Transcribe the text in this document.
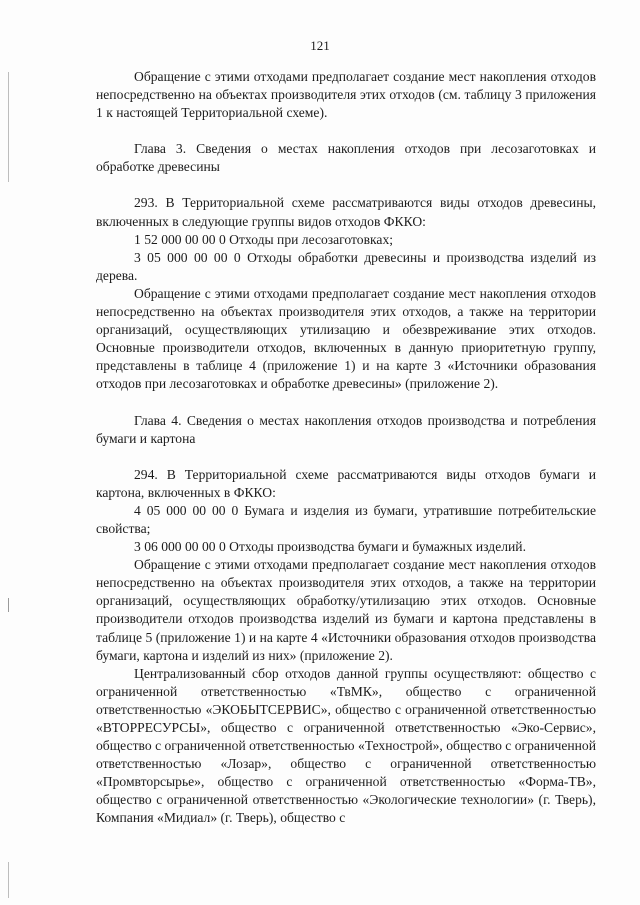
121

Обращение с этими отходами предполагает создание мест накопления отходов непосредственно на объектах производителя этих отходов (см. таблицу 3 приложения 1 к настоящей Территориальной схеме).

Глава 3. Сведения о местах накопления отходов при лесозаготовках и обработке древесины

293. В Территориальной схеме рассматриваются виды отходов древесины, включенных в следующие группы видов отходов ФККО:

1 52 000 00 00 0 Отходы при лесозаготовках;

3 05 000 00 00 0 Отходы обработки древесины и производства изделий из дерева.

Обращение с этими отходами предполагает создание мест накопления отходов непосредственно на объектах производителя этих отходов, а также на территории организаций, осуществляющих утилизацию и обезвреживание этих отходов. Основные производители отходов, включенных в данную приоритетную группу, представлены в таблице 4 (приложение 1) и на карте 3 «Источники образования отходов при лесозаготовках и обработке древесины» (приложение 2).

Глава 4. Сведения о местах накопления отходов производства и потребления бумаги и картона

294. В Территориальной схеме рассматриваются виды отходов бумаги и картона, включенных в ФККО:

4 05 000 00 00 0 Бумага и изделия из бумаги, утратившие потребительские свойства;

3 06 000 00 00 0 Отходы производства бумаги и бумажных изделий.

Обращение с этими отходами предполагает создание мест накопления отходов непосредственно на объектах производителя этих отходов, а также на территории организаций, осуществляющих обработку/утилизацию этих отходов. Основные производители отходов производства изделий из бумаги и картона представлены в таблице 5 (приложение 1) и на карте 4 «Источники образования отходов производства бумаги, картона и изделий из них» (приложение 2).

Централизованный сбор отходов данной группы осуществляют: общество с ограниченной ответственностью «ТвМК», общество с ограниченной ответственностью «ЭКОБЫТСЕРВИС», общество с ограниченной ответственностью «ВТОРРЕСУРСЫ», общество с ограниченной ответственностью «Эко-Сервис», общество с ограниченной ответственностью «Технострой», общество с ограниченной ответственностью «Лозар», общество с ограниченной ответственностью «Промвторсырье», общество с ограниченной ответственностью «Форма-ТВ», общество с ограниченной ответственностью «Экологические технологии» (г. Тверь), Компания «Мидиал» (г. Тверь), общество с
